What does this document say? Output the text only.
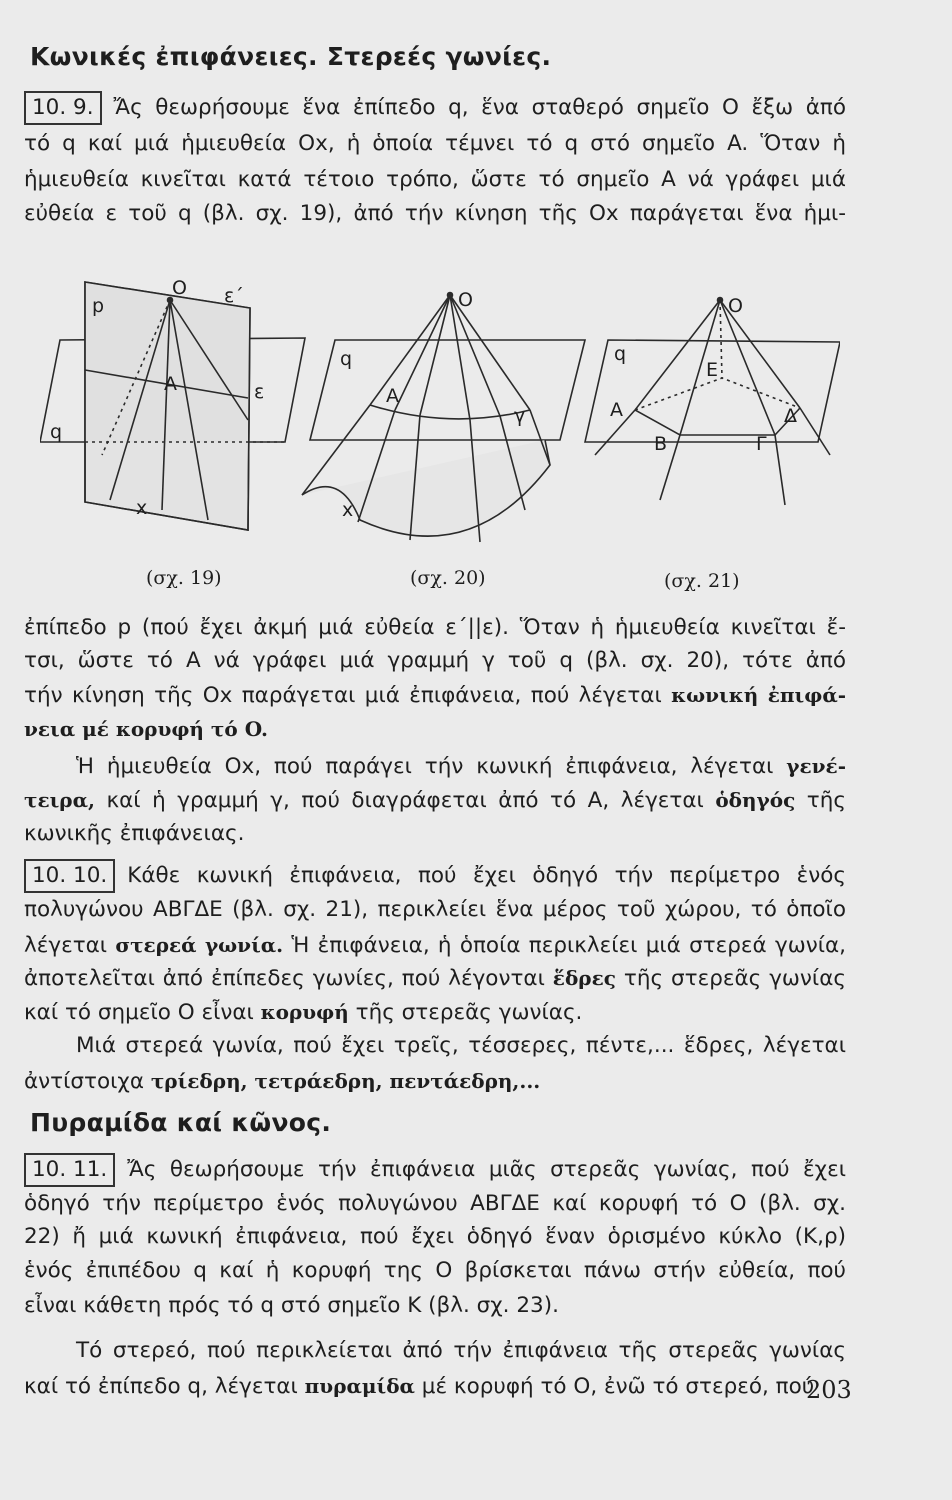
Κωνικές ἐπιφάνειες. Στερεές γωνίες.
10. 9. Ἄς θεωρήσουμε ἕνα ἐπίπεδο q, ἕνα σταθερό σημεῖο O ἔξω ἀπό
τό q καί μιά ἡμιευθεία Ox, ἡ ὁποία τέμνει τό q στό σημεῖο A. Ὅταν ἡ
ἡμιευθεία κινεῖται κατά τέτοιο τρόπο, ὥστε τό σημεῖο A νά γράφει μιά
εὐθεία ε τοῦ q (βλ. σχ. 19), ἀπό τήν κίνηση τῆς Ox παράγεται ἕνα ἡμι-
p
O ε΄
A	ε
q
x
O
q
A
γ
x
O
q
E
A	Δ
B	Γ
(σχ. 19)	(σχ. 20)	(σχ. 21)
ἐπίπεδο p (πού ἔχει ἀκμή μιά εὐθεία ε΄||ε). Ὅταν ἡ ἡμιευθεία κινεῖται ἔ-
τσι, ὥστε τό A νά γράφει μιά γραμμή γ τοῦ q (βλ. σχ. 20), τότε ἀπό
τήν κίνηση τῆς Ox παράγεται μιά ἐπιφάνεια, πού λέγεται κωνική ἐπιφά-
νεια μέ κορυφή τό O.
Ἡ ἡμιευθεία Ox, πού παράγει τήν κωνική ἐπιφάνεια, λέγεται γενέ-
τειρα, καί ἡ γραμμή γ, πού διαγράφεται ἀπό τό A, λέγεται ὁδηγός τῆς
κωνικῆς ἐπιφάνειας.
10. 10. Κάθε κωνική ἐπιφάνεια, πού ἔχει ὁδηγό τήν περίμετρο ἑνός
πολυγώνου ΑΒΓΔΕ (βλ. σχ. 21), περικλείει ἕνα μέρος τοῦ χώρου, τό ὁποῖο
λέγεται στερεά γωνία. Ἡ ἐπιφάνεια, ἡ ὁποία περικλείει μιά στερεά γωνία,
ἀποτελεῖται ἀπό ἐπίπεδες γωνίες, πού λέγονται ἕδρες τῆς στερεᾶς γωνίας
καί τό σημεῖο O εἶναι κορυφή τῆς στερεᾶς γωνίας.
Μιά στερεά γωνία, πού ἔχει τρεῖς, τέσσερες, πέντε,... ἕδρες, λέγεται
ἀντίστοιχα τρίεδρη, τετράεδρη, πεντάεδρη,...
Πυραμίδα καί κῶνος.
10. 11. Ἄς θεωρήσουμε τήν ἐπιφάνεια μιᾶς στερεᾶς γωνίας, πού ἔχει
ὁδηγό τήν περίμετρο ἑνός πολυγώνου ΑΒΓΔΕ καί κορυφή τό O (βλ. σχ.
22) ἤ μιά κωνική ἐπιφάνεια, πού ἔχει ὁδηγό ἕναν ὁρισμένο κύκλο (K,ρ)
ἑνός ἐπιπέδου q καί ἡ κορυφή της O βρίσκεται πάνω στήν εὐθεία, πού
εἶναι κάθετη πρός τό q στό σημεῖο K (βλ. σχ. 23).
Τό στερεό, πού περικλείεται ἀπό τήν ἐπιφάνεια τῆς στερεᾶς γωνίας
καί τό ἐπίπεδο q, λέγεται πυραμίδα μέ κορυφή τό O, ἐνῶ τό στερεό, πού
203
